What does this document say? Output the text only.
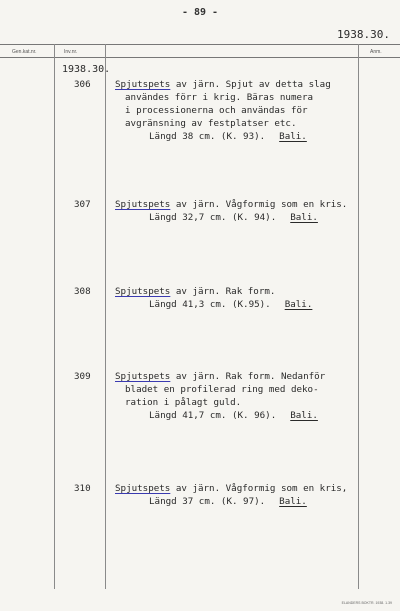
- 89 -
1938.30.
Gen.kat.nr.	Inv.nr.	Anm.
1938.30.
306	Spjutspets av järn. Spjut av detta slag
användes förr i krig. Bäras numera
i processionerna och användas för
avgränsning av festplatser etc.
Längd 38 cm. (K. 93). Bali.
307	Spjutspets av järn. Vågformig som en kris.
Längd 32,7 cm. (K. 94). Bali.
308	Spjutspets av järn. Rak form.
Längd 41,3 cm. (K.95). Bali.
309	Spjutspets av järn. Rak form. Nedanför
bladet en profilerad ring med deko-
ration i pålagt guld.
Längd 41,7 cm. (K. 96). Bali.
310	Spjutspets av järn. Vågformig som en kris,
Längd 37 cm. (K. 97). Bali.
ELANDERS BOKTR. 1938. 1.39
